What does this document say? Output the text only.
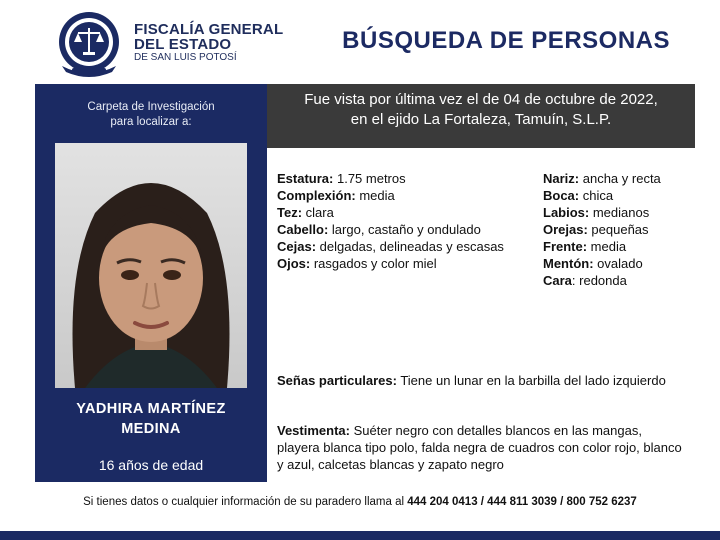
FISCALÍA GENERAL
DEL ESTADO
DE SAN LUIS POTOSÍ
BÚSQUEDA DE PERSONAS
Carpeta de Investigación
para localizar a:
YADHIRA MARTÍNEZ
MEDINA
16 años de edad
Fue vista por última vez el de 04 de octubre de 2022,
en el ejido La Fortaleza, Tamuín, S.L.P.
Estatura: 1.75 metros
Complexión: media
Tez: clara
Cabello: largo, castaño y ondulado
Cejas: delgadas, delineadas y escasas
Ojos: rasgados y color miel
Nariz: ancha y recta
Boca: chica
Labios: medianos
Orejas: pequeñas
Frente: media
Mentón: ovalado
Cara: redonda
Señas particulares: Tiene un lunar en la barbilla del lado izquierdo
Vestimenta: Suéter negro con detalles blancos en las mangas, playera blanca tipo polo, falda negra de cuadros con color rojo, blanco y azul, calcetas blancas y zapato negro
Si tienes datos o cualquier información de su paradero llama al 444 204 0413 / 444 811 3039 / 800 752 6237
